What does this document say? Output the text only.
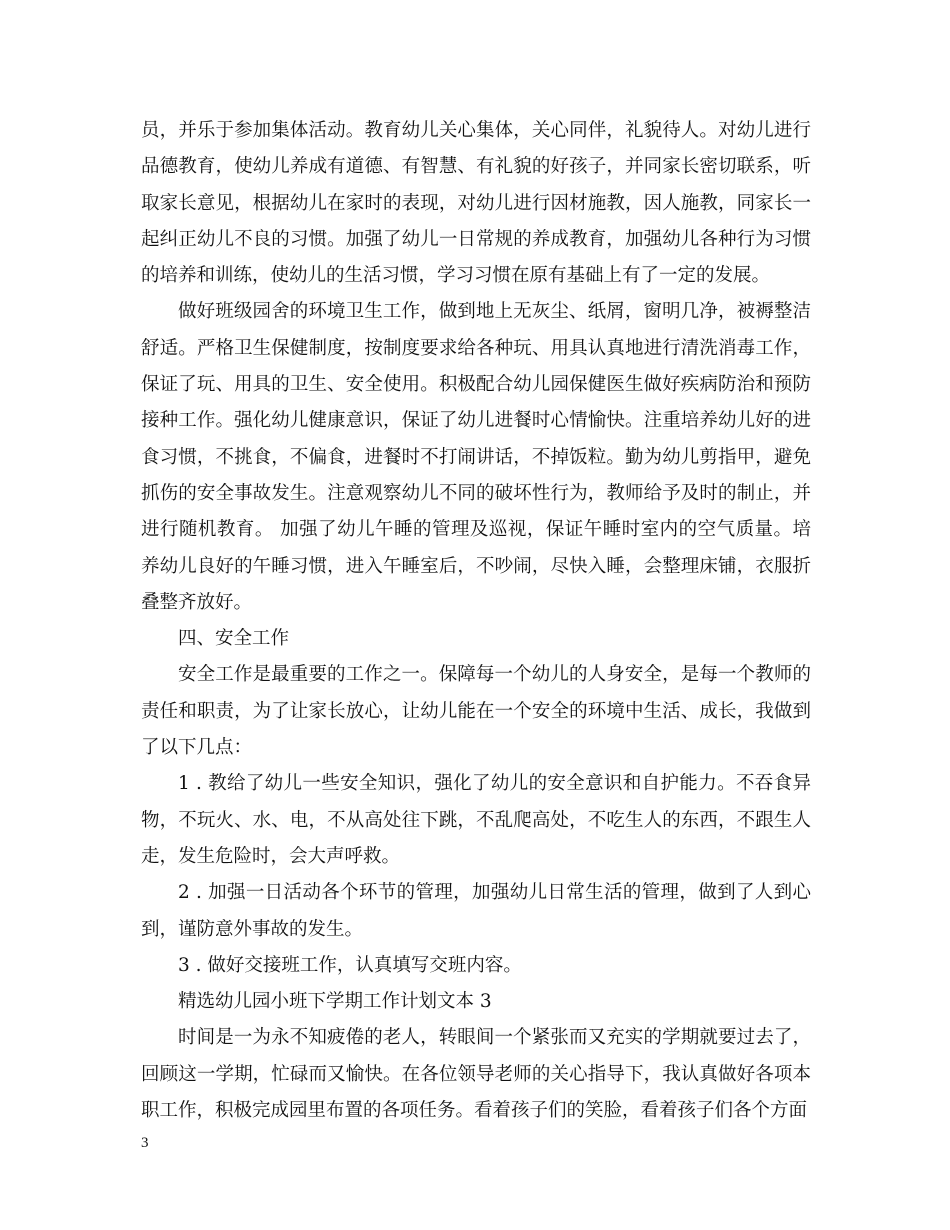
员，并乐于参加集体活动。教育幼儿关心集体，关心同伴，礼貌待人。对幼儿进行品德教育，使幼儿养成有道德、有智慧、有礼貌的好孩子，并同家长密切联系，听取家长意见，根据幼儿在家时的表现，对幼儿进行因材施教，因人施教，同家长一起纠正幼儿不良的习惯。加强了幼儿一日常规的养成教育，加强幼儿各种行为习惯的培养和训练，使幼儿的生活习惯，学习习惯在原有基础上有了一定的发展。

做好班级园舍的环境卫生工作，做到地上无灰尘、纸屑，窗明几净，被褥整洁舒适。严格卫生保健制度，按制度要求给各种玩、用具认真地进行清洗消毒工作，保证了玩、用具的卫生、安全使用。积极配合幼儿园保健医生做好疾病防治和预防接种工作。强化幼儿健康意识，保证了幼儿进餐时心情愉快。注重培养幼儿好的进食习惯，不挑食，不偏食，进餐时不打闹讲话，不掉饭粒。勤为幼儿剪指甲，避免抓伤的安全事故发生。注意观察幼儿不同的破坏性行为，教师给予及时的制止，并进行随机教育。 加强了幼儿午睡的管理及巡视，保证午睡时室内的空气质量。培养幼儿良好的午睡习惯，进入午睡室后，不吵闹，尽快入睡，会整理床铺，衣服折叠整齐放好。

四、安全工作

安全工作是最重要的工作之一。保障每一个幼儿的人身安全，是每一个教师的责任和职责，为了让家长放心，让幼儿能在一个安全的环境中生活、成长，我做到了以下几点：

1 . 教给了幼儿一些安全知识，强化了幼儿的安全意识和自护能力。不吞食异物，不玩火、水、电，不从高处往下跳，不乱爬高处，不吃生人的东西，不跟生人走，发生危险时，会大声呼救。

2 . 加强一日活动各个环节的管理，加强幼儿日常生活的管理，做到了人到心到，谨防意外事故的发生。

3 . 做好交接班工作，认真填写交班内容。

精选幼儿园小班下学期工作计划文本 3

时间是一为永不知疲倦的老人，转眼间一个紧张而又充实的学期就要过去了，回顾这一学期，忙碌而又愉快。在各位领导老师的关心指导下，我认真做好各项本职工作，积极完成园里布置的各项任务。看着孩子们的笑脸，看着孩子们各个方面

3
